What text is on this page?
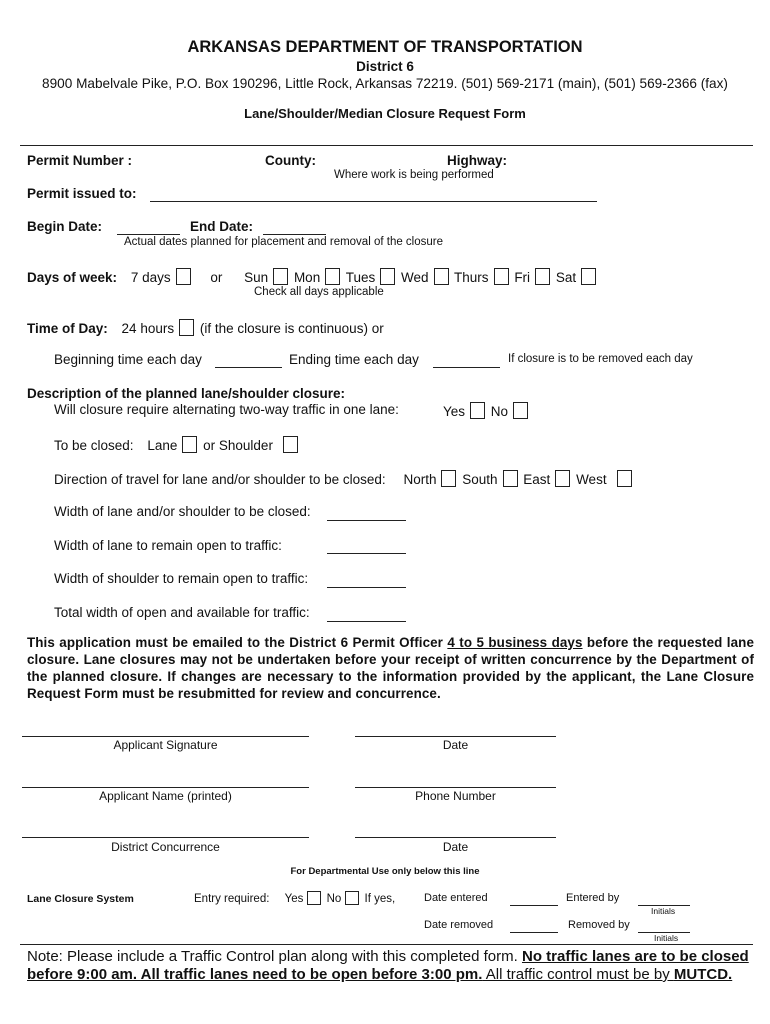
ARKANSAS DEPARTMENT OF TRANSPORTATION
District 6
8900 Mabelvale Pike, P.O. Box 190296, Little Rock, Arkansas 72219. (501) 569-2171 (main), (501) 569-2366 (fax)
Lane/Shoulder/Median Closure Request Form
Permit Number :	County:	Highway:
Where work is being performed
Permit issued to:
Begin Date:	End Date:
Actual dates planned for placement and removal of the closure
Days of week: 7 days	or Sun Mon Tues Wed Thurs Fri Sat
Check all days applicable
Time of Day: 24 hours (if the closure is continuous) or
Beginning time each day	Ending time each day	If closure is to be removed each day
Description of the planned lane/shoulder closure:
Will closure require alternating two-way traffic in one lane:	Yes No
To be closed: Lane or Shoulder
Direction of travel for lane and/or shoulder to be closed: North South East West
Width of lane and/or shoulder to be closed:
Width of lane to remain open to traffic:
Width of shoulder to remain open to traffic:
Total width of open and available for traffic:
This application must be emailed to the District 6 Permit Officer 4 to 5 business days before the requested lane closure. Lane closures may not be undertaken before your receipt of written concurrence by the Department of the planned closure. If changes are necessary to the information provided by the applicant, the Lane Closure Request Form must be resubmitted for review and concurrence.
Applicant Signature	Date
Applicant Name (printed)	Phone Number
District Concurrence	Date
For Departmental Use only below this line
Lane Closure System	Entry required: Yes No If yes,	Date entered	Entered by
Initials
Date removed	Removed by
Initials
Note: Please include a Traffic Control plan along with this completed form. No traffic lanes are to be closed before 9:00 am. All traffic lanes need to be open before 3:00 pm. All traffic control must be by MUTCD.
